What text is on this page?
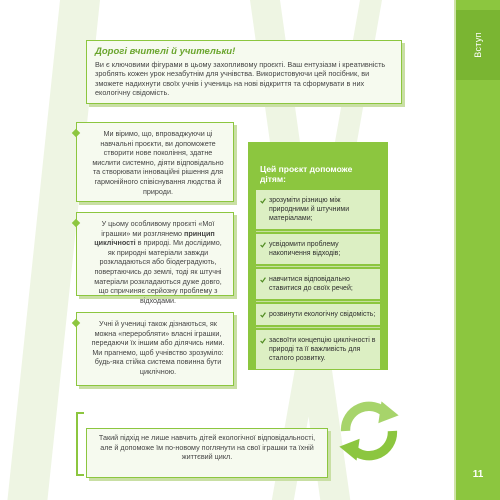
Вступ
11
Дорогі вчителі й учительки!

Ви є ключовими фігурами в цьому захопливому проєкті. Ваш ентузіазм і креативність зроблять кожен урок незабутнім для учнівства. Використовуючи цей посібник, ви зможете надихнути своїх учнів і учениць на нові відкриття та сформувати в них екологічну свідомість.

Ми віримо, що, впроваджуючи ці навчальні проєкти, ви допоможете створити нове покоління, здатне мислити системно, діяти відповідально та створювати інноваційні рішення для гармонійного співіснування людства й природи.

У цьому особливому проєкті «Мої іграшки» ми розглянемо принцип циклічності в природі. Ми дослідимо, як природні матеріали завжди розкладаються або біодеградують, повертаючись до землі, тоді як штучні матеріали розкладаються дуже довго, що спричиняє серйозну проблему з відходами.

Учні й учениці також дізнаються, як можна «переробляти» власні іграшки, передаючи їх іншим або ділячись ними. Ми прагнемо, щоб учнівство зрозуміло: будь-яка стійка система повинна бути циклічною.

Такий підхід не лише навчить дітей екологічної відповідальності, але й допоможе їм по-новому поглянути на свої іграшки та їхній життєвий цикл.

Цей проєкт допоможе дітям:
зрозуміти різницю між природними й штучними матеріалами;
усвідомити проблему накопичення відходів;
навчитися відповідально ставитися до своїх речей;
розвинути екологічну свідомість;
засвоїти концепцію циклічності в природі та її важливість для сталого розвитку.
